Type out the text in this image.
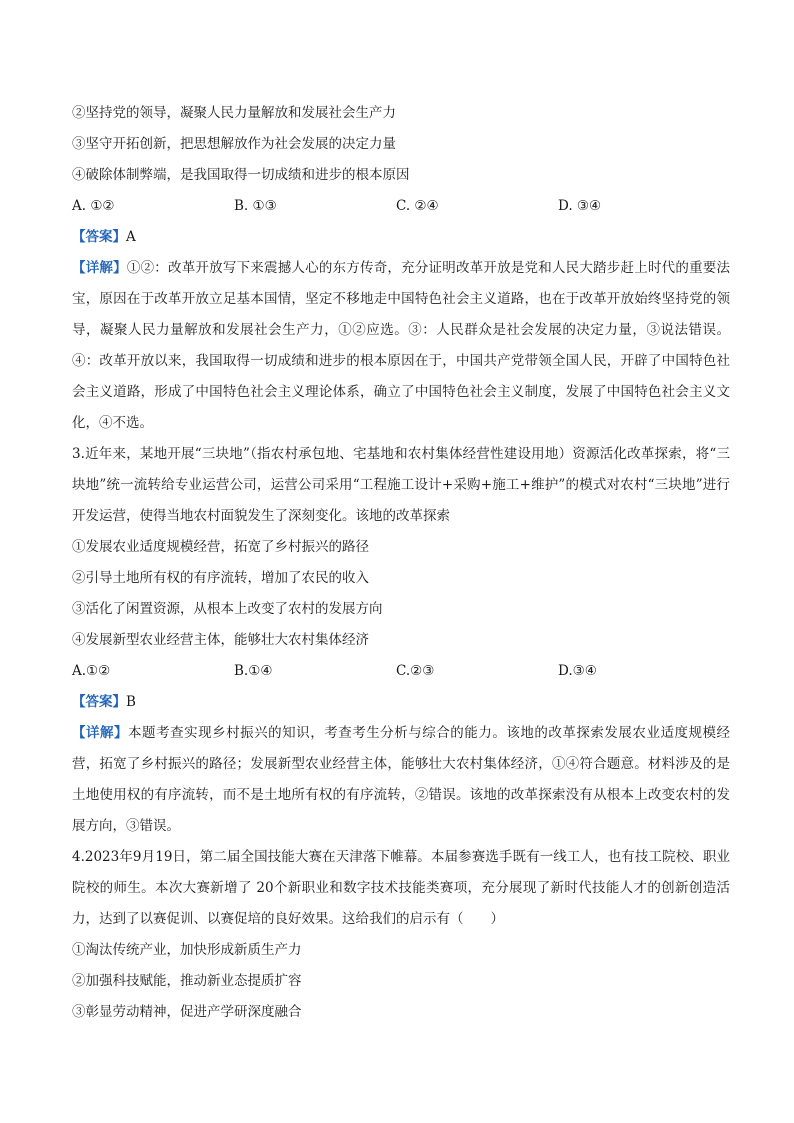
②坚持党的领导，凝聚人民力量解放和发展社会生产力
③坚守开拓创新，把思想解放作为社会发展的决定力量
④破除体制弊端，是我国取得一切成绩和进步的根本原因
A. ①②	B. ①③	C. ②④	D. ③④
【答案】A
【详解】①②：改革开放写下来震撼人心的东方传奇，充分证明改革开放是党和人民大踏步赶上时代的重要法宝，原因在于改革开放立足基本国情，坚定不移地走中国特色社会主义道路，也在于改革开放始终坚持党的领导，凝聚人民力量解放和发展社会生产力，①②应选。③：人民群众是社会发展的决定力量，③说法错误。④：改革开放以来，我国取得一切成绩和进步的根本原因在于，中国共产党带领全国人民，开辟了中国特色社会主义道路，形成了中国特色社会主义理论体系，确立了中国特色社会主义制度，发展了中国特色社会主义文化，④不选。
3.近年来，某地开展“三块地”（指农村承包地、宅基地和农村集体经营性建设用地）资源活化改革探索，将“三块地”统一流转给专业运营公司，运营公司采用“工程施工设计+采购+施工+维护”的模式对农村“三块地”进行开发运营，使得当地农村面貌发生了深刻变化。该地的改革探索
①发展农业适度规模经营，拓宽了乡村振兴的路径
②引导土地所有权的有序流转，增加了农民的收入
③活化了闲置资源，从根本上改变了农村的发展方向
④发展新型农业经营主体，能够壮大农村集体经济
A.①②	B.①④	C.②③	D.③④
【答案】B
【详解】本题考查实现乡村振兴的知识，考查考生分析与综合的能力。该地的改革探索发展农业适度规模经营，拓宽了乡村振兴的路径；发展新型农业经营主体，能够壮大农村集体经济，①④符合题意。材料涉及的是土地使用权的有序流转，而不是土地所有权的有序流转，②错误。该地的改革探索没有从根本上改变农村的发展方向，③错误。
4.2023年9月19日，第二届全国技能大赛在天津落下帷幕。本届参赛选手既有一线工人，也有技工院校、职业院校的师生。本次大赛新增了 20个新职业和数字技术技能类赛项，充分展现了新时代技能人才的创新创造活力，达到了以赛促训、以赛促培的良好效果。这给我们的启示有（　　）
①淘汰传统产业，加快形成新质生产力
②加强科技赋能，推动新业态提质扩容
③彰显劳动精神，促进产学研深度融合
